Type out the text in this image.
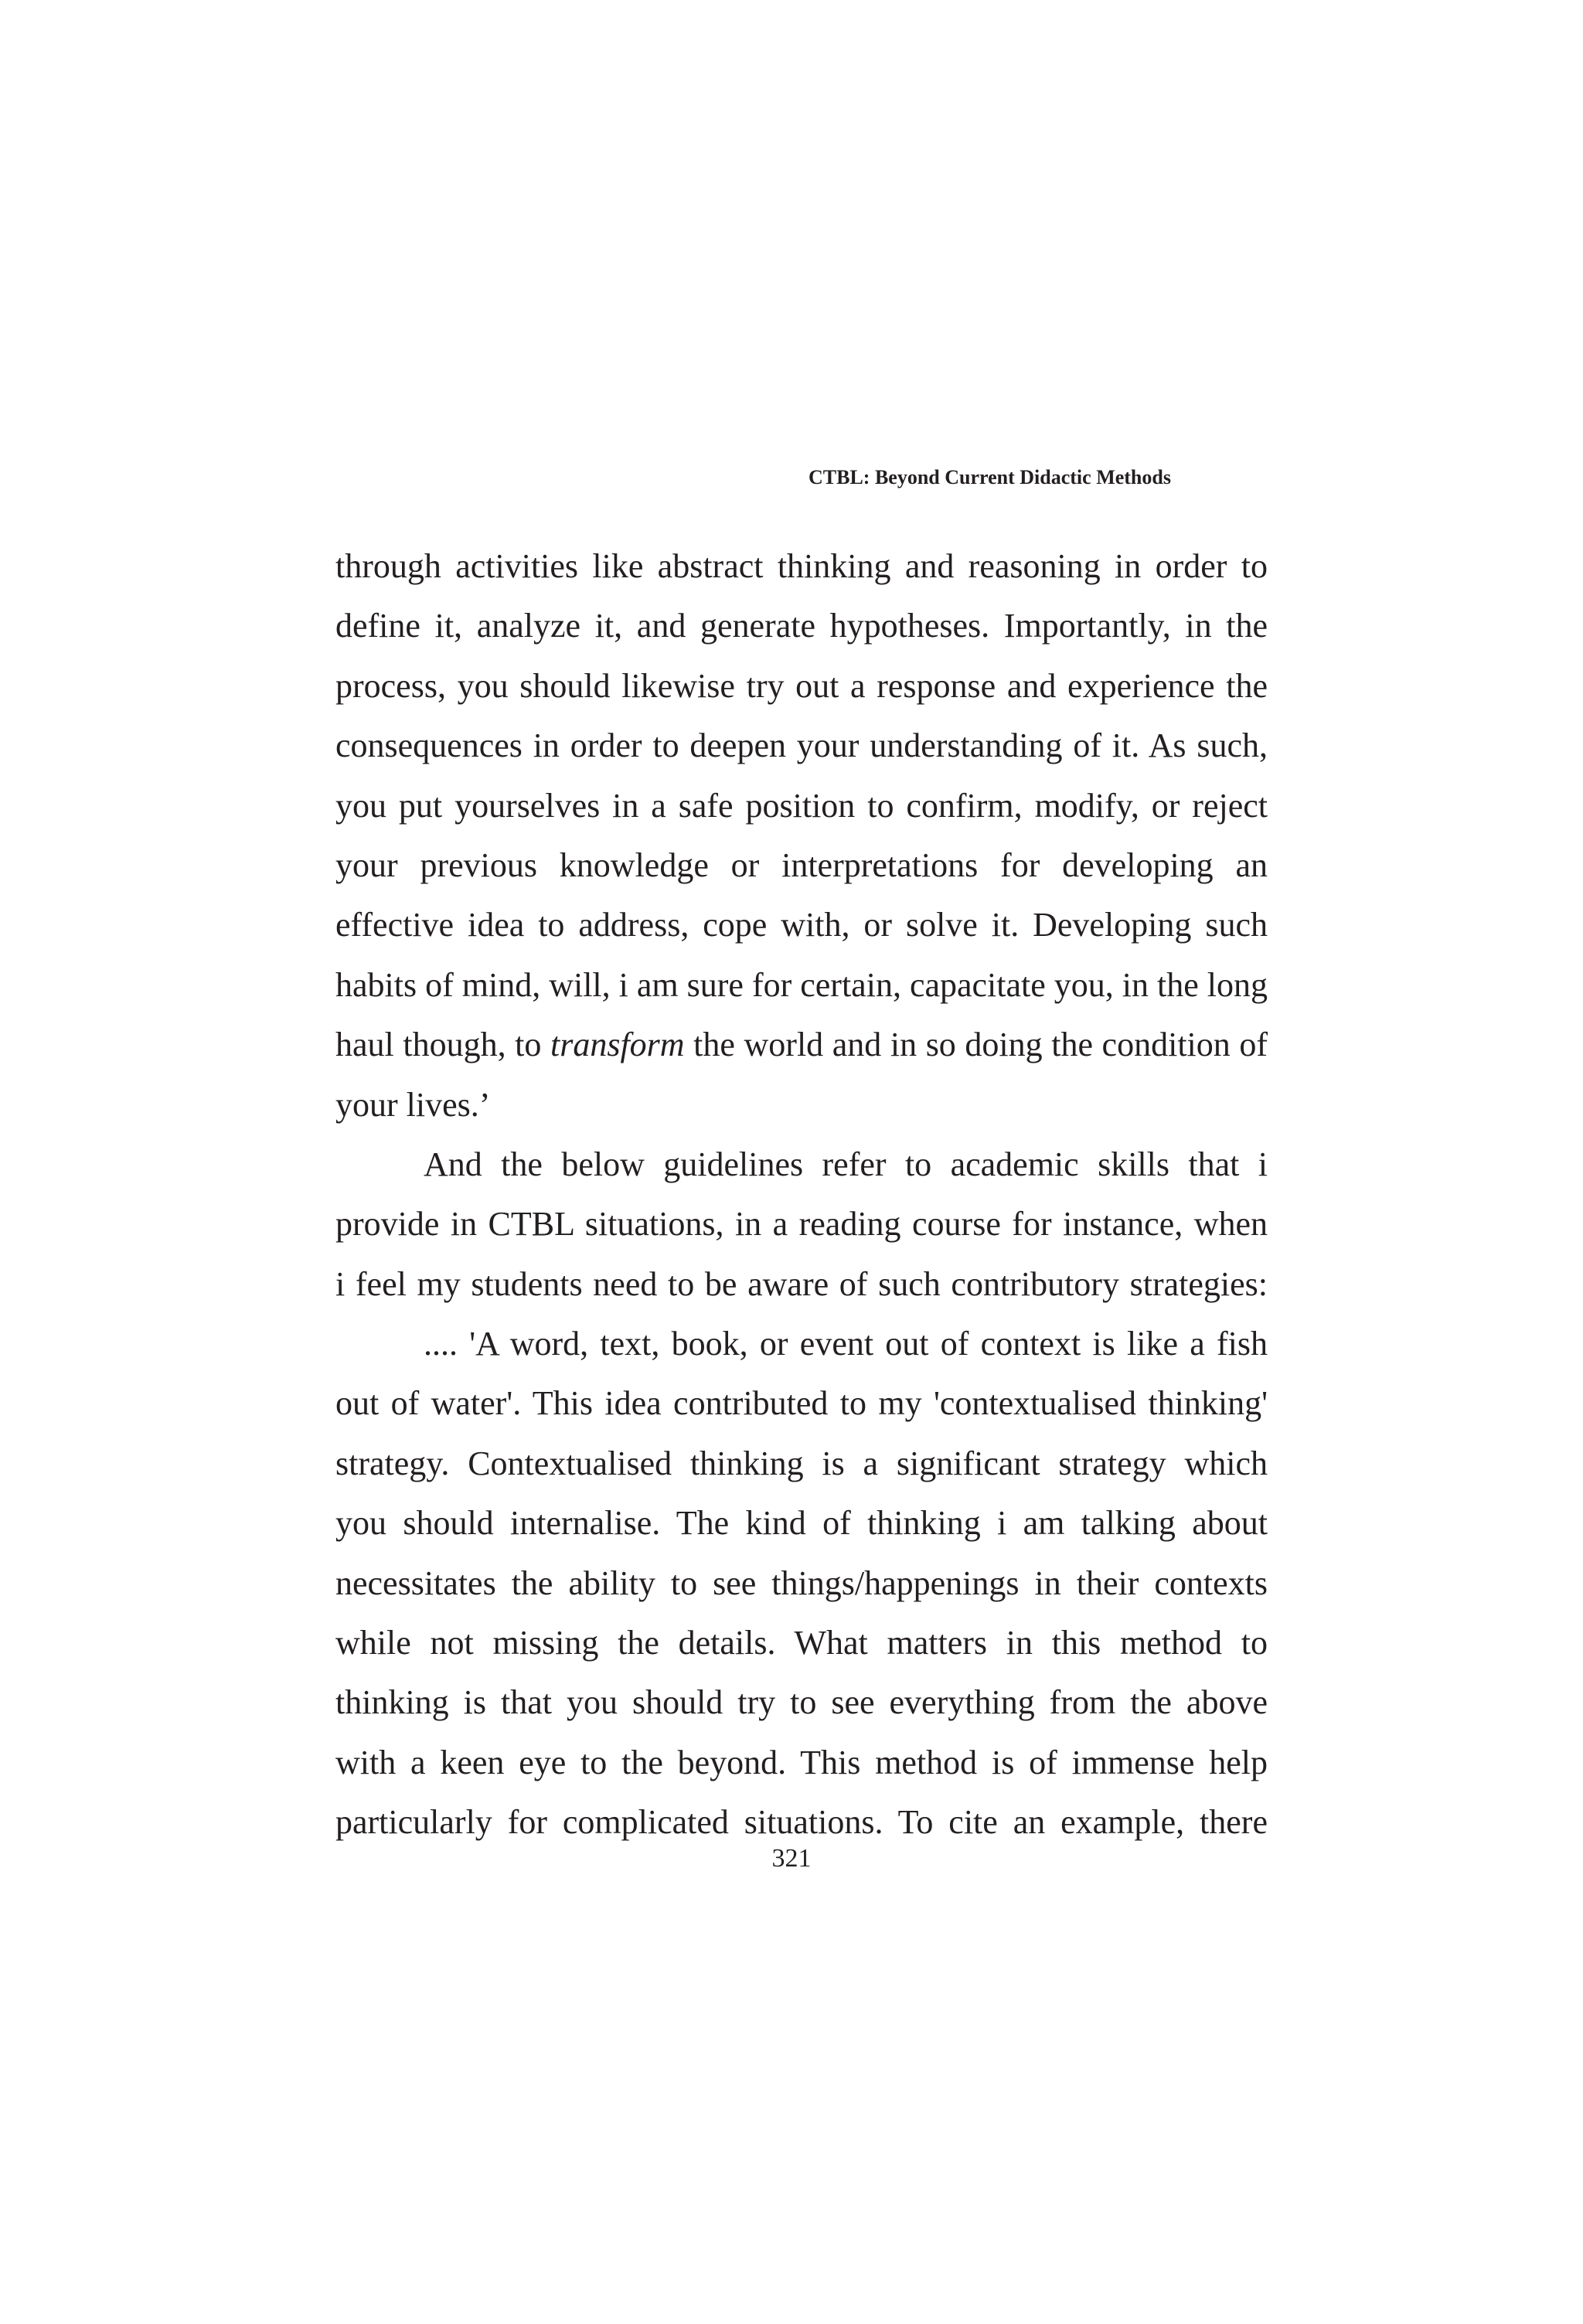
CTBL: Beyond Current Didactic Methods
through activities like abstract thinking and reasoning in order to
define it, analyze it, and generate hypotheses. Importantly, in the
process, you should likewise try out a response and experience the
consequences in order to deepen your understanding of it. As such,
you put yourselves in a safe position to confirm, modify, or reject
your previous knowledge or interpretations for developing an
effective idea to address, cope with, or solve it. Developing such
habits of mind, will, i am sure for certain, capacitate you, in the long
haul though, to transform the world and in so doing the condition of
your lives.’
And the below guidelines refer to academic skills that i
provide in CTBL situations, in a reading course for instance, when
i feel my students need to be aware of such contributory strategies:
.... 'A word, text, book, or event out of context is like a fish
out of water'. This idea contributed to my 'contextualised thinking'
strategy. Contextualised thinking is a significant strategy which
you should internalise. The kind of thinking i am talking about
necessitates the ability to see things/happenings in their contexts
while not missing the details. What matters in this method to
thinking is that you should try to see everything from the above
with a keen eye to the beyond. This method is of immense help
particularly for complicated situations. To cite an example, there
321
